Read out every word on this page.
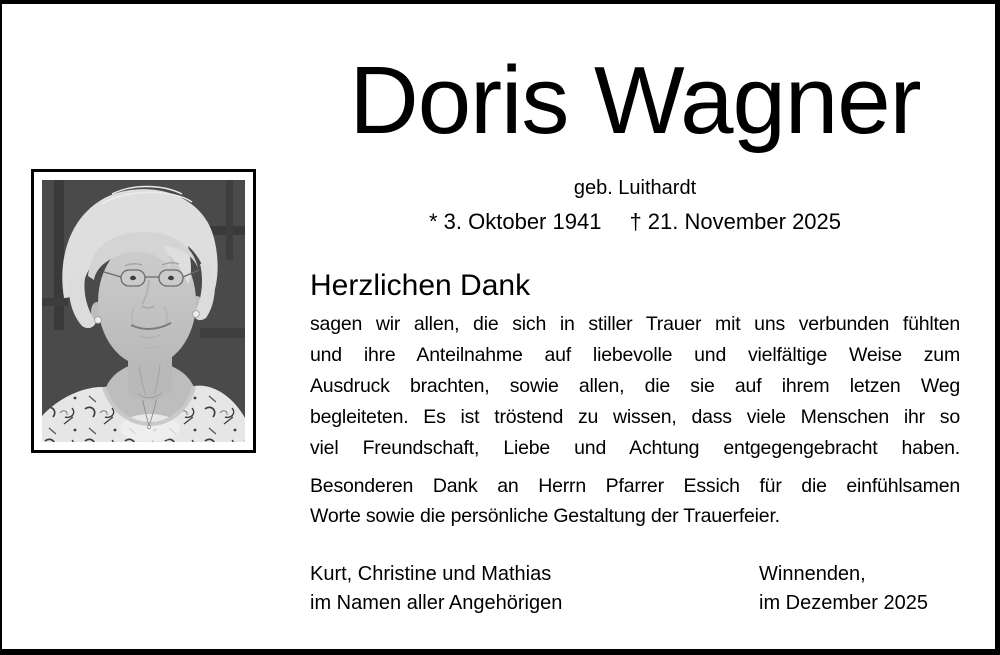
Doris Wagner
geb. Luithardt
* 3. Oktober 1941 † 21. November 2025
Herzlichen Dank
sagen wir allen, die sich in stiller Trauer mit uns verbunden fühlten
und ihre Anteilnahme auf liebevolle und vielfältige Weise zum
Ausdruck brachten, sowie allen, die sie auf ihrem letzen Weg
begleiteten. Es ist tröstend zu wissen, dass viele Menschen ihr so
viel Freundschaft, Liebe und Achtung entgegengebracht haben.
Besonderen Dank an Herrn Pfarrer Essich für die einfühlsamen
Worte sowie die persönliche Gestaltung der Trauerfeier.
Kurt, Christine und Mathias
im Namen aller Angehörigen
Winnenden,
im Dezember 2025
